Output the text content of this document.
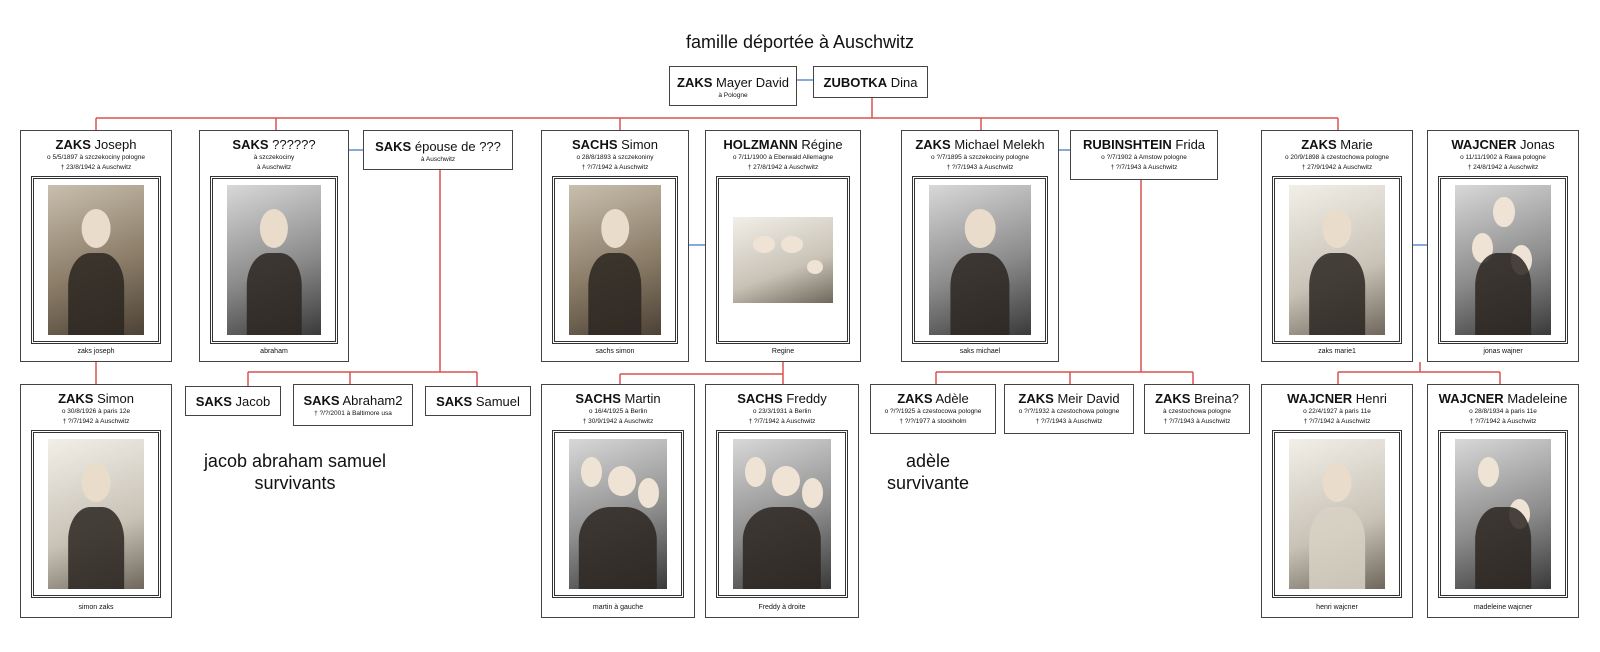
famille déportée à Auschwitz
ZAKS Mayer David
à Pologne
ZUBOTKA Dina
ZAKS Joseph
o 5/5/1897 à szczekociny pologne
† 23/8/1942 à Auschwitz
zaks joseph
SAKS ??????
à szczekociny
à Auschwitz
abraham
SAKS épouse de ???
à Auschwitz
SACHS Simon
o 28/8/1893 à szczekoniny
† ?/7/1942 à Auschwitz
sachs simon
HOLZMANN Régine
o 7/11/1900 à Eberwald Allemagne
† 27/8/1942 à Auschwitz
Regine
ZAKS Michael Melekh
o ?/7/1895 à szczekociny pologne
† ?/7/1943 à Auschwitz
saks michael
RUBINSHTEIN Frida
o ?/7/1902 à Amstow pologne
† ?/7/1943 à Auschwitz
ZAKS Marie
o 20/9/1898 à czestochowa pologne
† 27/9/1942 à Auschwitz
zaks marie1
WAJCNER Jonas
o 11/11/1902 à Rawa pologne
† 24/8/1942 à Auschwitz
jonas wajner
ZAKS Simon
o 30/8/1926 à paris 12e
† ?/7/1942 à Auschwitz
simon zaks
SAKS Jacob	SAKS Abraham2
† ?/?/2001 à Baltimore usa
SAKS Samuel
jacob abraham samuel
survivants
SACHS Martin
o 16/4/1925 à Berlin
† 30/9/1942 à Auschwitz
martin à gauche
SACHS Freddy
o 23/3/1931 à Berlin
† ?/7/1942 à Auschwitz
Freddy à droite
ZAKS Adèle
o ?/?/1925 à czestocowa pologne
† ?/?/1977 à stockholm
ZAKS Meir David
o ?/?/1932 à czestochowa pologne
† ?/7/1943 à Auschwitz
ZAKS Breina?
à czestochowa pologne
† ?/7/1943 à Auschwitz
adèle
survivante
WAJCNER Henri
o 22/4/1927 à paris 11e
† ?/7/1942 à Auschwitz
henri wajcner
WAJCNER Madeleine
o 28/8/1934 à paris 11e
† ?/7/1942 à Auschwitz
madeleine wajcner
